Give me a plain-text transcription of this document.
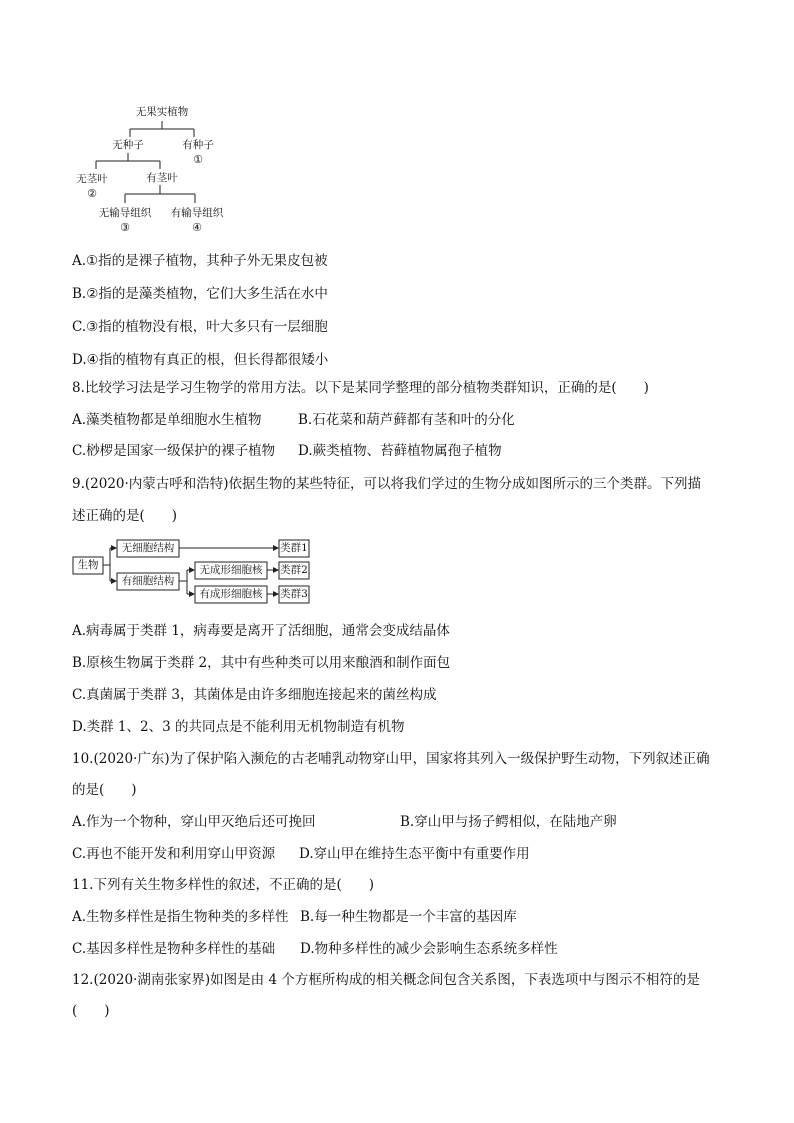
无果实植物
无种子	有种子
①
无茎叶
②
有茎叶
无输导组织
③
有输导组织
④
A.①指的是裸子植物，其种子外无果皮包被
B.②指的是藻类植物，它们大多生活在水中
C.③指的植物没有根，叶大多只有一层细胞
D.④指的植物有真正的根，但长得都很矮小
8.比较学习法是学习生物学的常用方法。以下是某同学整理的部分植物类群知识，正确的是(　　)
A.藻类植物都是单细胞水生植物	B.石花菜和葫芦藓都有茎和叶的分化
C.桫椤是国家一级保护的裸子植物 D.蕨类植物、苔藓植物属孢子植物
9.(2020·内蒙古呼和浩特)依据生物的某些特征，可以将我们学过的生物分成如图所示的三个类群。下列描
述正确的是(　　)
生物
无细胞结构
有细胞结构
无成形细胞核
有成形细胞核
类群1
类群2
类群3
A.病毒属于类群 1，病毒要是离开了活细胞，通常会变成结晶体
B.原核生物属于类群 2，其中有些种类可以用来酿酒和制作面包
C.真菌属于类群 3，其菌体是由许多细胞连接起来的菌丝构成
D.类群 1、2、3 的共同点是不能利用无机物制造有机物
10.(2020·广东)为了保护陷入濒危的古老哺乳动物穿山甲，国家将其列入一级保护野生动物，下列叙述正确
的是(　　)
A.作为一个物种，穿山甲灭绝后还可挽回	B.穿山甲与扬子鳄相似，在陆地产卵
C.再也不能开发和利用穿山甲资源 D.穿山甲在维持生态平衡中有重要作用
11.下列有关生物多样性的叙述，不正确的是(　　)
A.生物多样性是指生物种类的多样性 B.每一种生物都是一个丰富的基因库
C.基因多样性是物种多样性的基础 D.物种多样性的减少会影响生态系统多样性
12.(2020·湖南张家界)如图是由 4 个方框所构成的相关概念间包含关系图，下表选项中与图示不相符的是
(　　)
